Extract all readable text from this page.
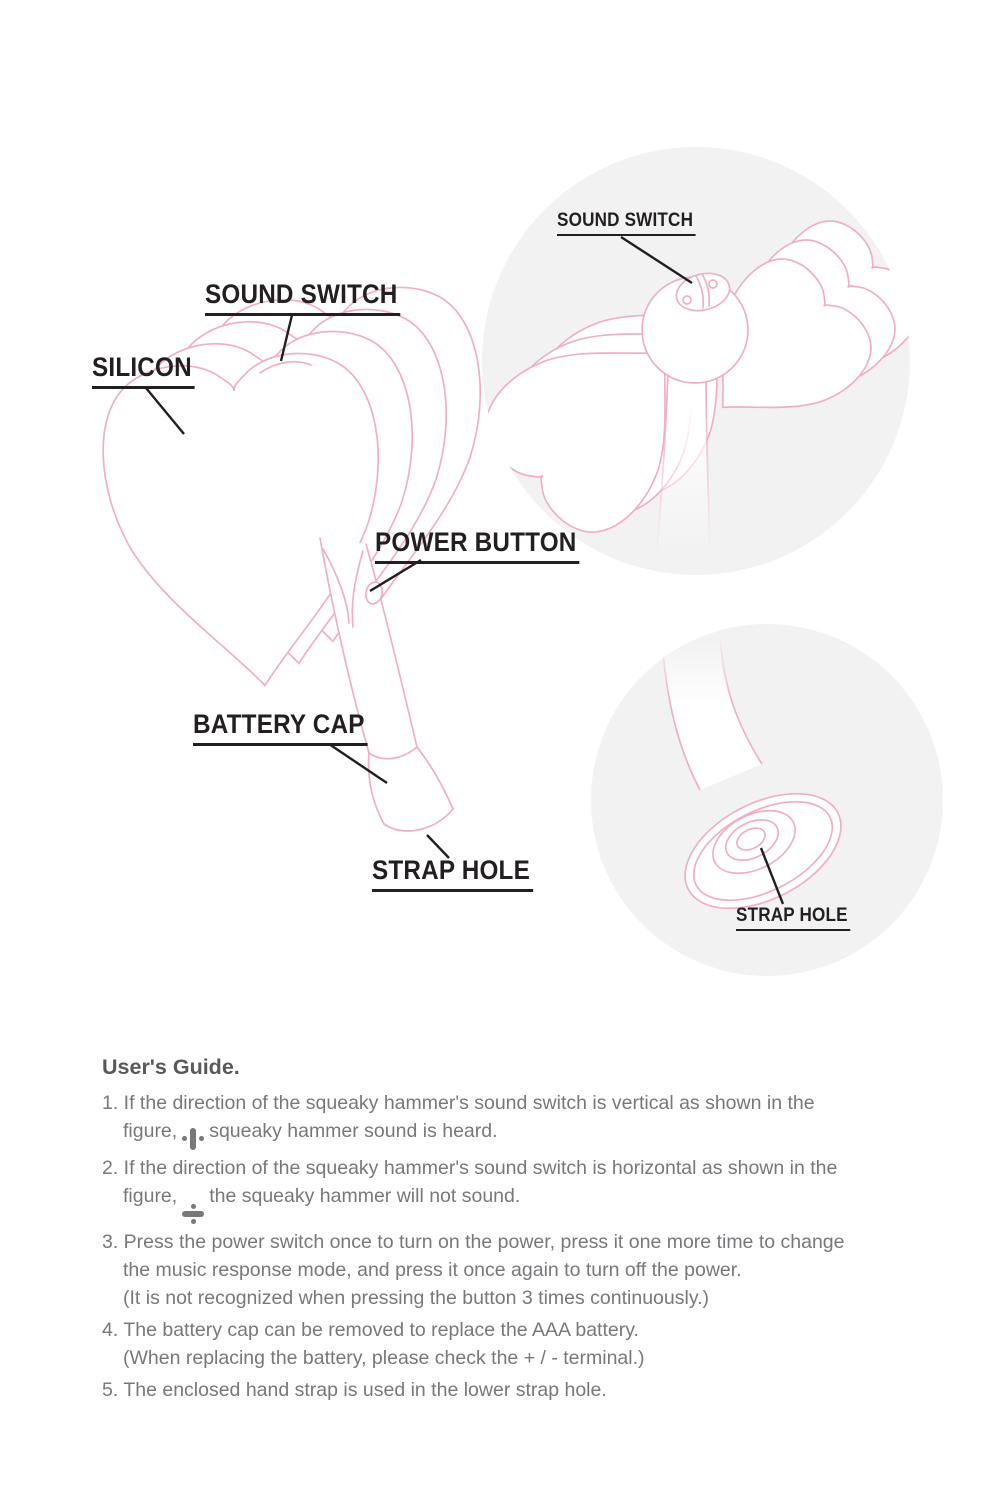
SOUND SWITCH
SILICON
POWER BUTTON
BATTERY CAP
STRAP HOLE
SOUND SWITCH
STRAP HOLE
User's Guide.

1. If the direction of the squeaky hammer's sound switch is vertical as shown in the
figure, squeaky hammer sound is heard.

2. If the direction of the squeaky hammer's sound switch is horizontal as shown in the
figure, the squeaky hammer will not sound.

3. Press the power switch once to turn on the power, press it one more time to change
the music response mode, and press it once again to turn off the power.
(It is not recognized when pressing the button 3 times continuously.)

4. The battery cap can be removed to replace the AAA battery.
(When replacing the battery, please check the + / - terminal.)

5. The enclosed hand strap is used in the lower strap hole.
